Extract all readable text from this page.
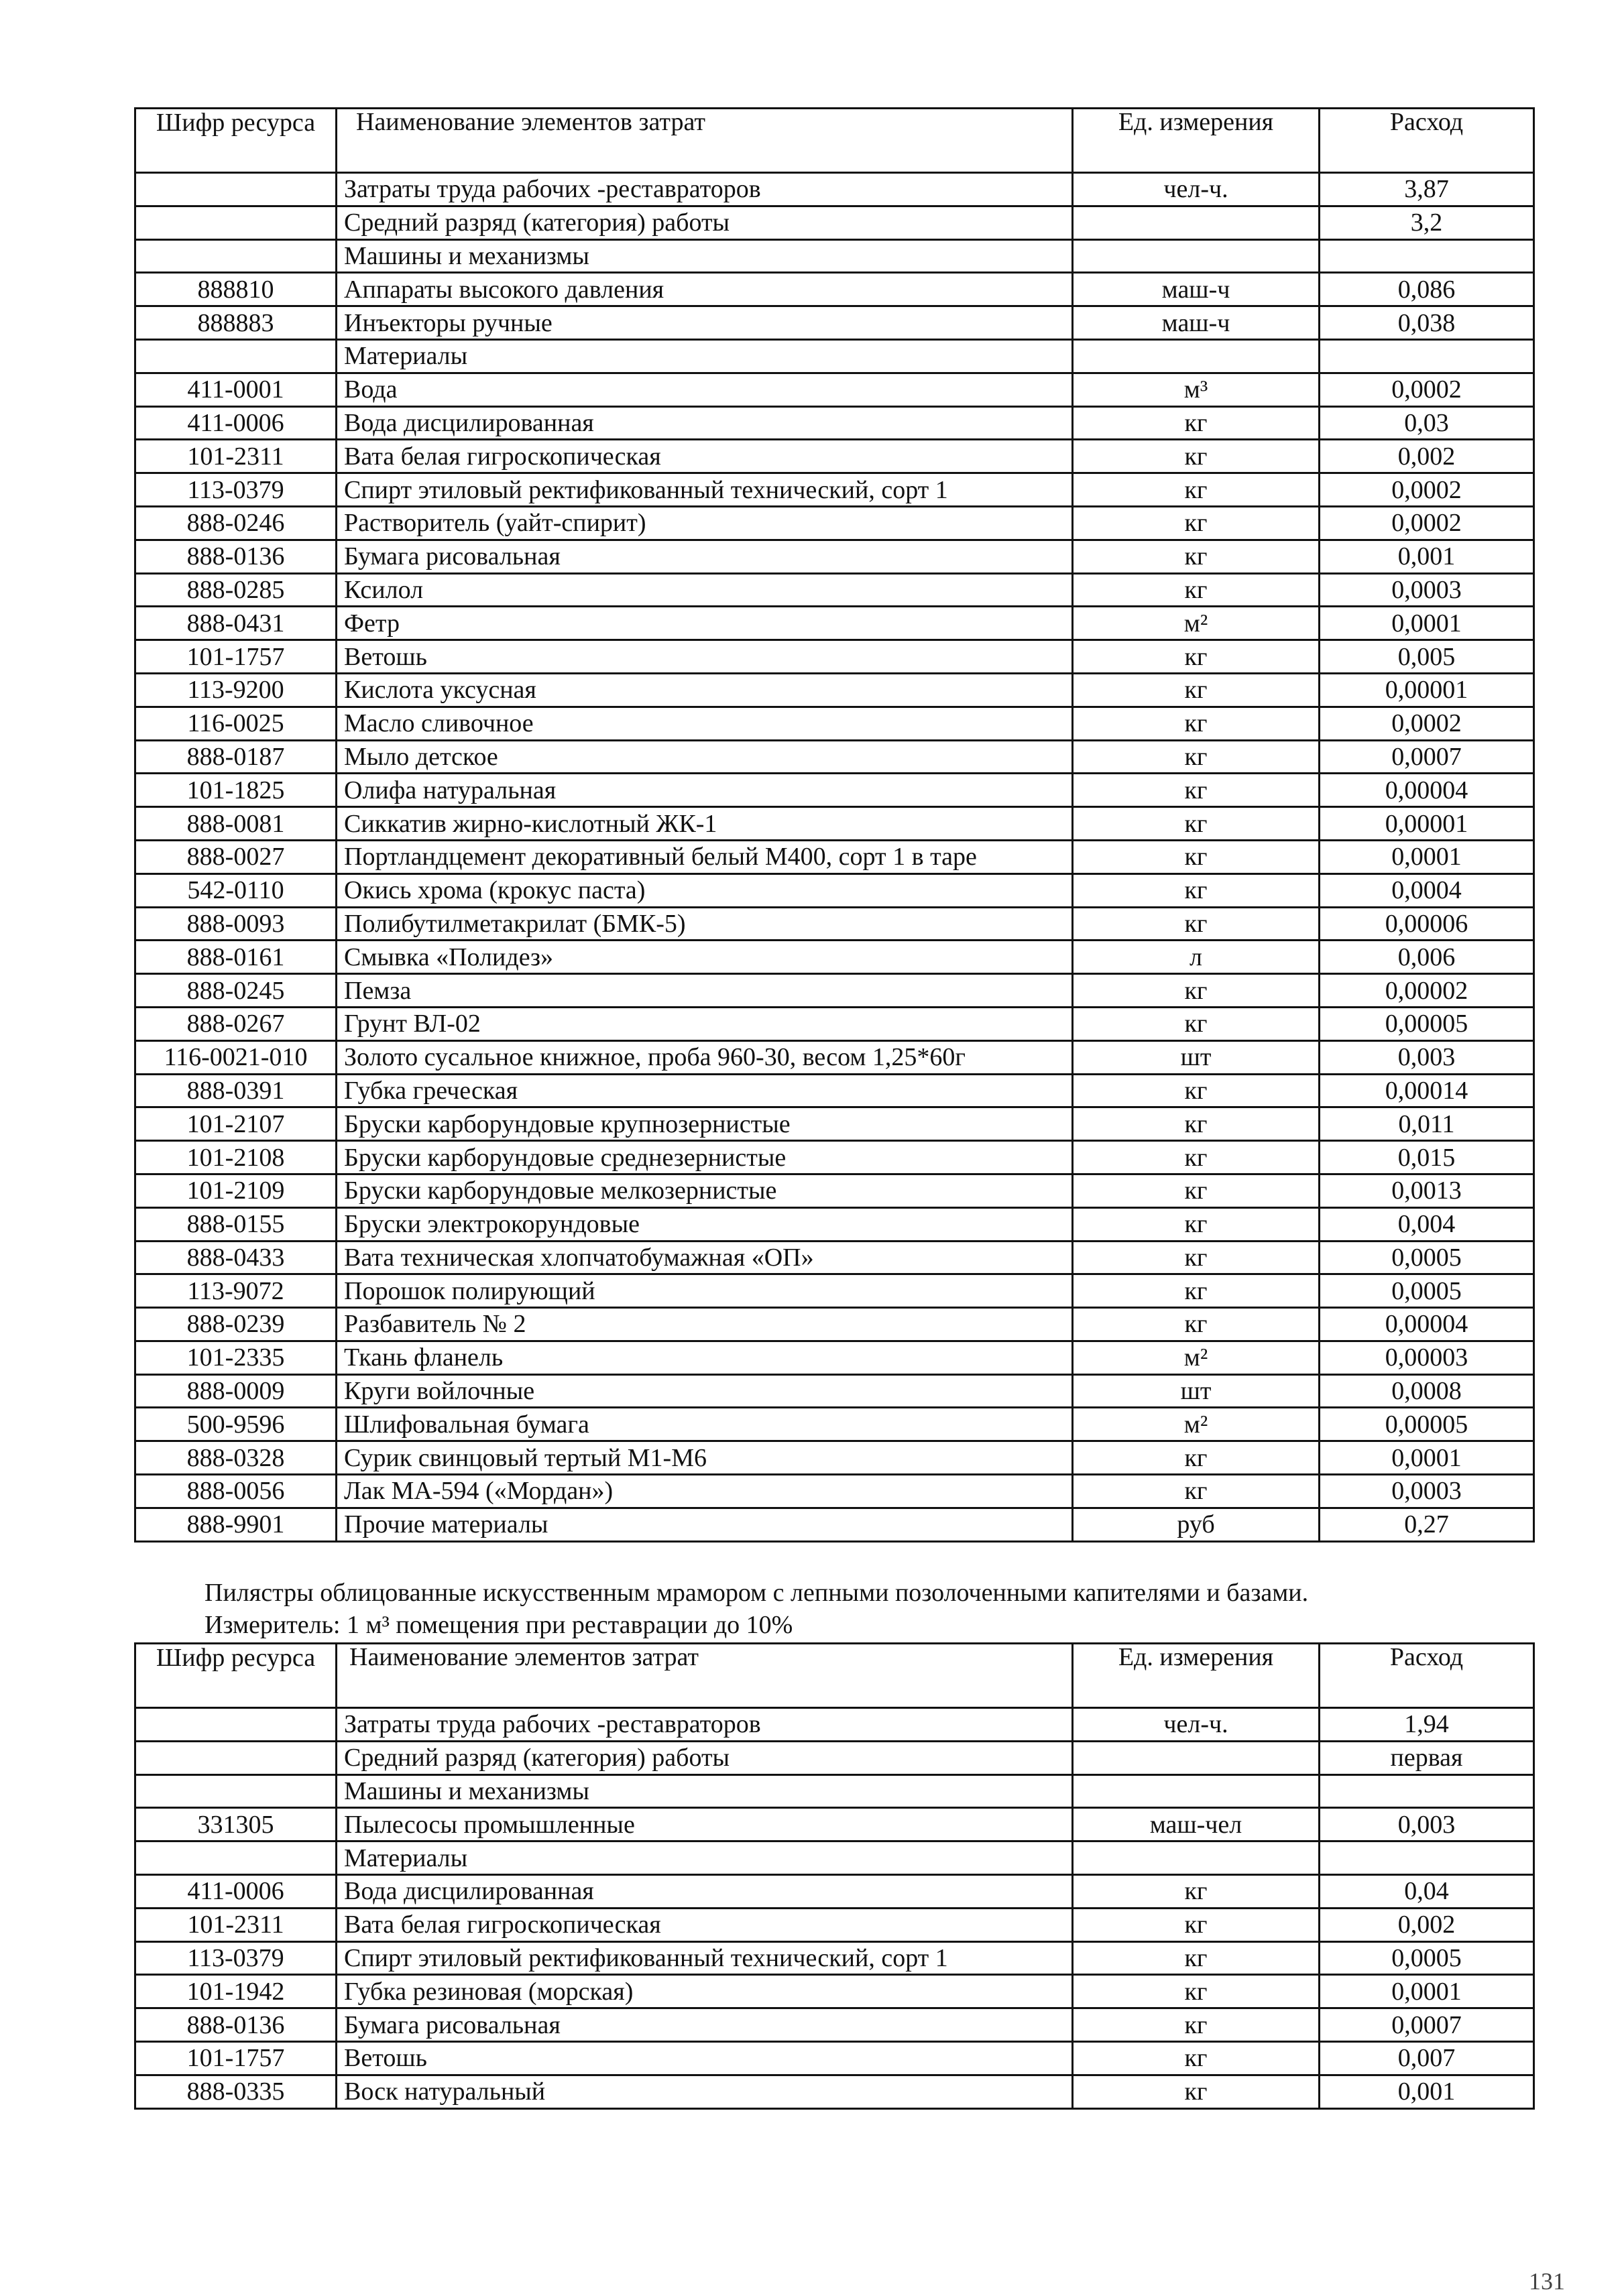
Шифр ресурса	Наименование элементов затрат	Ед. измерения	Расход
	Затраты труда рабочих -реставраторов	чел-ч.	3,87
	Средний разряд (категория) работы		3,2
	Машины и механизмы		
888810	Аппараты высокого давления	маш-ч	0,086
888883	Инъекторы ручные	маш-ч	0,038
	Материалы		
411-0001	Вода	м³	0,0002
411-0006	Вода дисцилированная	кг	0,03
101-2311	Вата белая гигроскопическая	кг	0,002
113-0379	Спирт этиловый ректификованный технический, сорт 1	кг	0,0002
888-0246	Растворитель (уайт-спирит)	кг	0,0002
888-0136	Бумага рисовальная	кг	0,001
888-0285	Ксилол	кг	0,0003
888-0431	Фетр	м²	0,0001
101-1757	Ветошь	кг	0,005
113-9200	Кислота уксусная	кг	0,00001
116-0025	Масло сливочное	кг	0,0002
888-0187	Мыло детское	кг	0,0007
101-1825	Олифа натуральная	кг	0,00004
888-0081	Сиккатив жирно-кислотный ЖК-1	кг	0,00001
888-0027	Портландцемент декоративный белый М400, сорт 1 в таре	кг	0,0001
542-0110	Окись хрома (крокус паста)	кг	0,0004
888-0093	Полибутилметакрилат (БМК-5)	кг	0,00006
888-0161	Смывка «Полидез»	л	0,006
888-0245	Пемза	кг	0,00002
888-0267	Грунт ВЛ-02	кг	0,00005
116-0021-010	Золото сусальное книжное, проба 960-30, весом 1,25*60г	шт	0,003
888-0391	Губка греческая	кг	0,00014
101-2107	Бруски карборундовые крупнозернистые	кг	0,011
101-2108	Бруски карборундовые среднезернистые	кг	0,015
101-2109	Бруски карборундовые мелкозернистые	кг	0,0013
888-0155	Бруски электрокорундовые	кг	0,004
888-0433	Вата техническая хлопчатобумажная «ОП»	кг	0,0005
113-9072	Порошок полирующий	кг	0,0005
888-0239	Разбавитель № 2	кг	0,00004
101-2335	Ткань фланель	м²	0,00003
888-0009	Круги войлочные	шт	0,0008
500-9596	Шлифовальная бумага	м²	0,00005
888-0328	Сурик свинцовый тертый М1-М6	кг	0,0001
888-0056	Лак МА-594 («Мордан»)	кг	0,0003
888-9901	Прочие материалы	руб	0,27
Пилястры облицованные искусственным мрамором с лепными позолоченными капителями и базами.
Измеритель: 1 м³ помещения при реставрации до 10%
Шифр ресурса	Наименование элементов затрат	Ед. измерения	Расход
	Затраты труда рабочих -реставраторов	чел-ч.	1,94
	Средний разряд (категория) работы		первая
	Машины и механизмы		
331305	Пылесосы промышленные	маш-чел	0,003
	Материалы		
411-0006	Вода дисцилированная	кг	0,04
101-2311	Вата белая гигроскопическая	кг	0,002
113-0379	Спирт этиловый ректификованный технический, сорт 1	кг	0,0005
101-1942	Губка резиновая (морская)	кг	0,0001
888-0136	Бумага рисовальная	кг	0,0007
101-1757	Ветошь	кг	0,007
888-0335	Воск натуральный	кг	0,001
131
